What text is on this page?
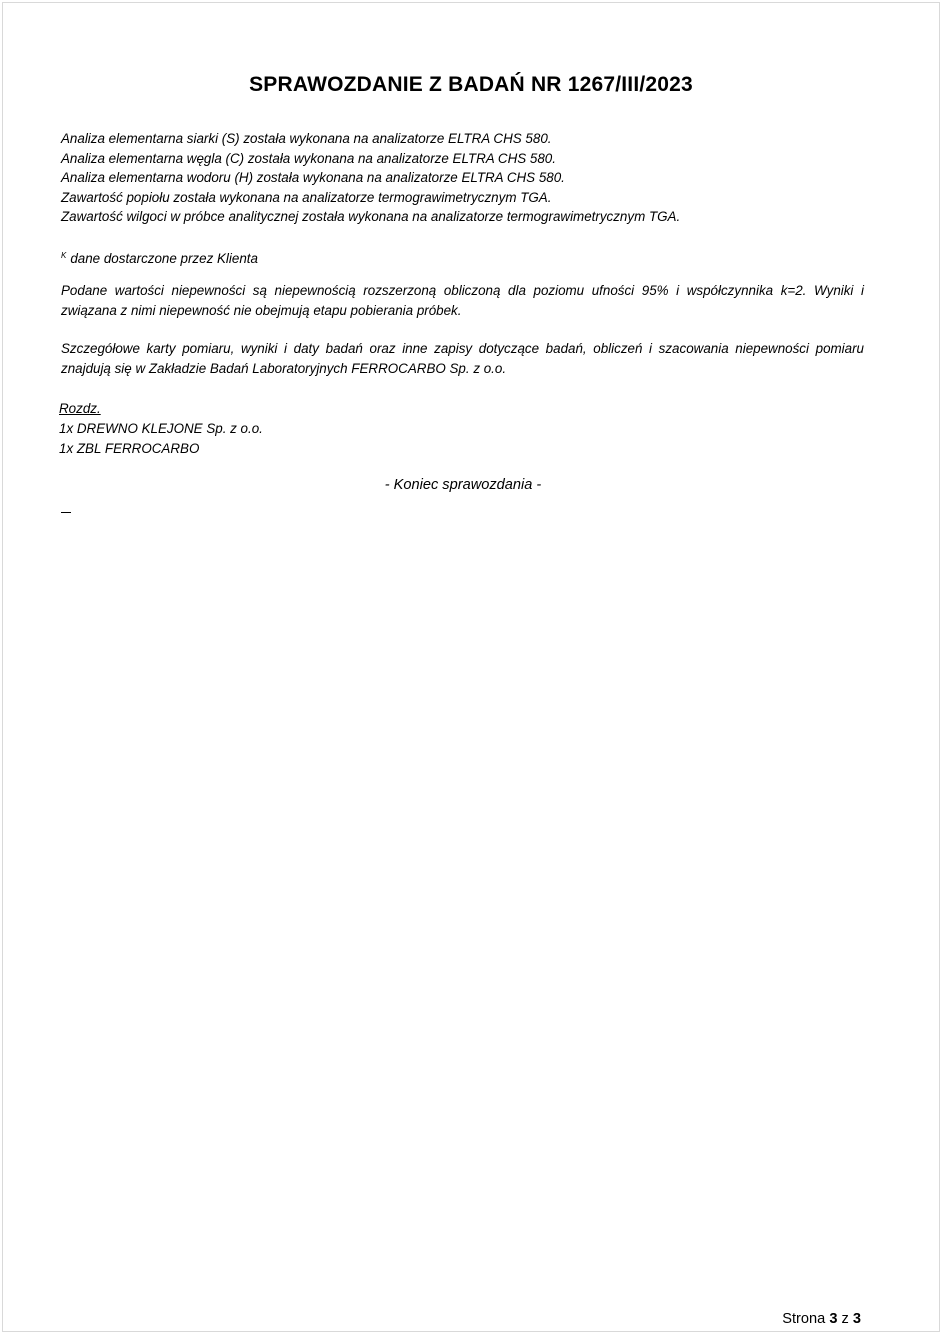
SPRAWOZDANIE Z BADAŃ NR 1267/III/2023
Analiza elementarna siarki (S) została wykonana na analizatorze ELTRA CHS 580.
Analiza elementarna węgla (C) została wykonana na analizatorze ELTRA CHS 580.
Analiza elementarna wodoru (H) została wykonana na analizatorze ELTRA CHS 580.
Zawartość popiołu została wykonana na analizatorze termograwimetrycznym TGA.
Zawartość wilgoci w próbce analitycznej została wykonana na analizatorze termograwimetrycznym TGA.
$^K$ dane dostarczone przez Klienta
Podane wartości niepewności są niepewnością rozszerzoną obliczoną dla poziomu ufności 95% i współczynnika k=2. Wyniki i związana z nimi niepewność nie obejmują etapu pobierania próbek.
Szczegółowe karty pomiaru, wyniki i daty badań oraz inne zapisy dotyczące badań, obliczeń i szacowania niepewności pomiaru znajdują się w Zakładzie Badań Laboratoryjnych FERROCARBO Sp. z o.o.
Rozdz.
1x DREWNO KLEJONE Sp. z o.o.
1x ZBL FERROCARBO
- Koniec sprawozdania -
Strona 3 z 3
